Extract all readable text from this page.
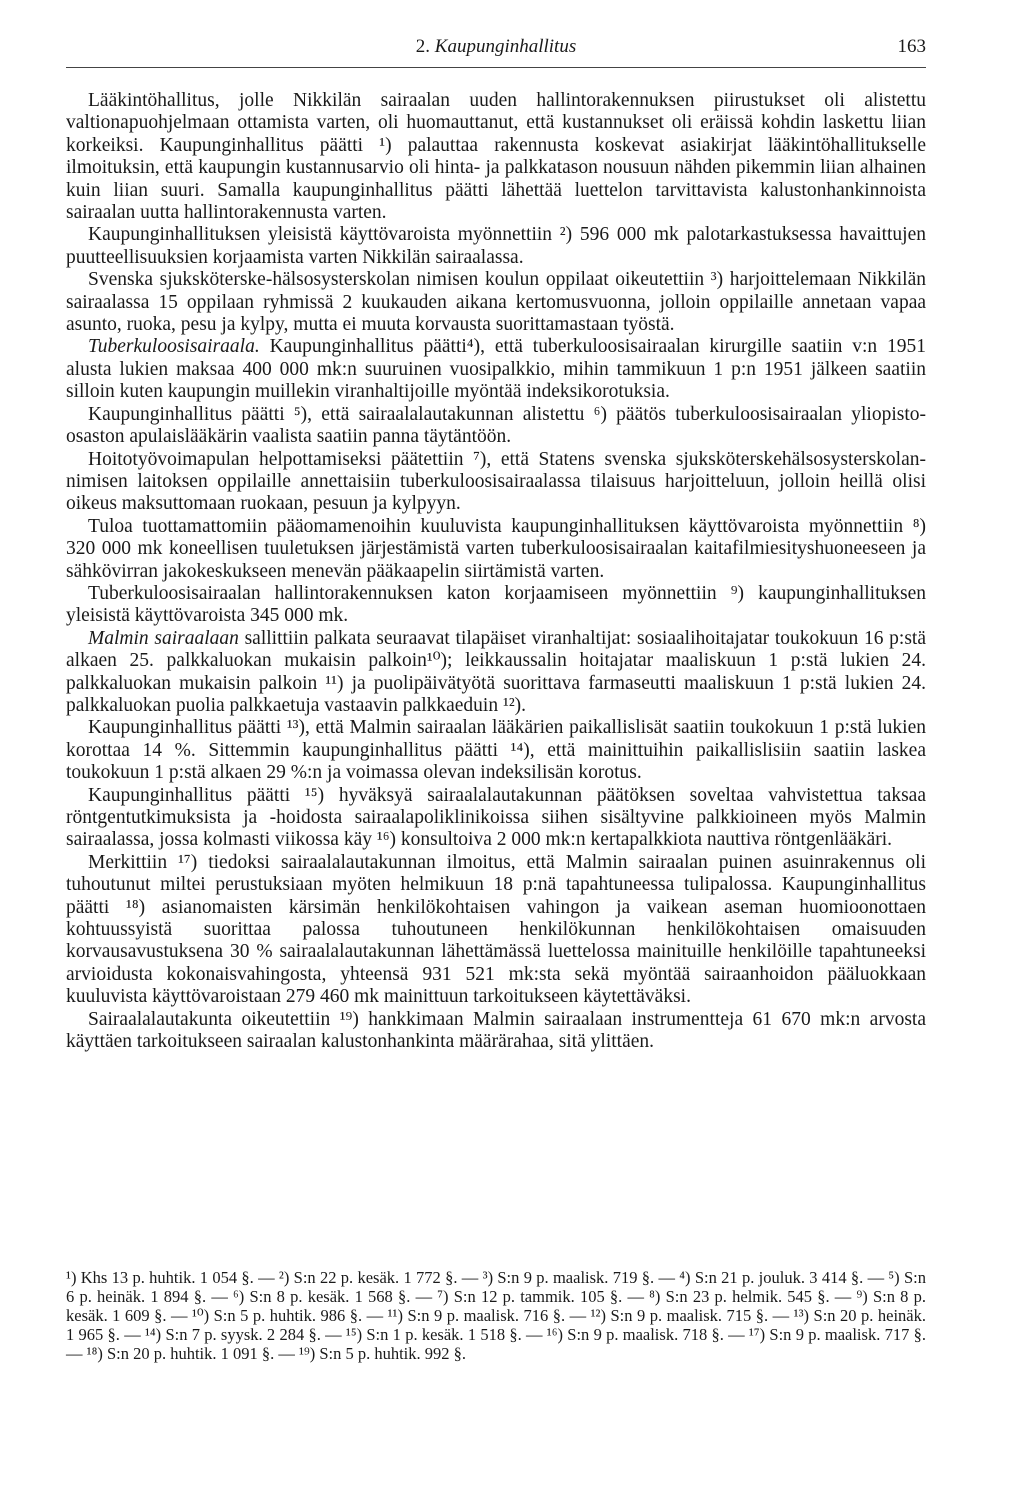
2. Kaupunginhallitus	163

Lääkintöhallitus, jolle Nikkilän sairaalan uuden hallintorakennuksen piirustukset oli alistettu valtionapuohjelmaan ottamista varten, oli huomauttanut, että kustannukset oli eräissä kohdin laskettu liian korkeiksi. Kaupunginhallitus päätti ¹) palauttaa rakennusta koskevat asiakirjat lääkintöhallitukselle ilmoituksin, että kaupungin kustannusarvio oli hinta- ja palkkatason nousuun nähden pikemmin liian alhainen kuin liian suuri. Samalla kaupunginhallitus päätti lähettää luettelon tarvittavista kalustonhankinnoista sairaalan uutta hallintorakennusta varten.

Kaupunginhallituksen yleisistä käyttövaroista myönnettiin ²) 596 000 mk palotarkastuksessa havaittujen puutteellisuuksien korjaamista varten Nikkilän sairaalassa.

Svenska sjuksköterske-hälsosysterskolan nimisen koulun oppilaat oikeutettiin ³) harjoittelemaan Nikkilän sairaalassa 15 oppilaan ryhmissä 2 kuukauden aikana kertomusvuonna, jolloin oppilaille annetaan vapaa asunto, ruoka, pesu ja kylpy, mutta ei muuta korvausta suorittamastaan työstä.

Tuberkuloosisairaala. Kaupunginhallitus päätti⁴), että tuberkuloosisairaalan kirurgille saatiin v:n 1951 alusta lukien maksaa 400 000 mk:n suuruinen vuosipalkkio, mihin tammikuun 1 p:n 1951 jälkeen saatiin silloin kuten kaupungin muillekin viranhaltijoille myöntää indeksikorotuksia.

Kaupunginhallitus päätti ⁵), että sairaalalautakunnan alistettu ⁶) päätös tuberkuloosisairaalan yliopisto-osaston apulaislääkärin vaalista saatiin panna täytäntöön.

Hoitotyövoimapulan helpottamiseksi päätettiin ⁷), että Statens svenska sjuksköterskehälsosysterskolan-nimisen laitoksen oppilaille annettaisiin tuberkuloosisairaalassa tilaisuus harjoitteluun, jolloin heillä olisi oikeus maksuttomaan ruokaan, pesuun ja kylpyyn.

Tuloa tuottamattomiin pääomamenoihin kuuluvista kaupunginhallituksen käyttövaroista myönnettiin ⁸) 320 000 mk koneellisen tuuletuksen järjestämistä varten tuberkuloosisairaalan kaitafilmiesityshuoneeseen ja sähkövirran jakokeskukseen menevän pääkaapelin siirtämistä varten.

Tuberkuloosisairaalan hallintorakennuksen katon korjaamiseen myönnettiin ⁹) kaupunginhallituksen yleisistä käyttövaroista 345 000 mk.

Malmin sairaalaan sallittiin palkata seuraavat tilapäiset viranhaltijat: sosiaalihoitajatar toukokuun 16 p:stä alkaen 25. palkkaluokan mukaisin palkoin¹⁰); leikkaussalin hoitajatar maaliskuun 1 p:stä lukien 24. palkkaluokan mukaisin palkoin ¹¹) ja puolipäivätyötä suorittava farmaseutti maaliskuun 1 p:stä lukien 24. palkkaluokan puolia palkkaetuja vastaavin palkkaeduin ¹²).

Kaupunginhallitus päätti ¹³), että Malmin sairaalan lääkärien paikallislisät saatiin toukokuun 1 p:stä lukien korottaa 14 %. Sittemmin kaupunginhallitus päätti ¹⁴), että mainittuihin paikallislisiin saatiin laskea toukokuun 1 p:stä alkaen 29 %:n ja voimassa olevan indeksilisän korotus.

Kaupunginhallitus päätti ¹⁵) hyväksyä sairaalalautakunnan päätöksen soveltaa vahvistettua taksaa röntgentutkimuksista ja -hoidosta sairaalapoliklinikoissa siihen sisältyvine palkkioineen myös Malmin sairaalassa, jossa kolmasti viikossa käy ¹⁶) konsultoiva 2 000 mk:n kertapalkkiota nauttiva röntgenlääkäri.

Merkittiin ¹⁷) tiedoksi sairaalalautakunnan ilmoitus, että Malmin sairaalan puinen asuinrakennus oli tuhoutunut miltei perustuksiaan myöten helmikuun 18 p:nä tapahtuneessa tulipalossa. Kaupunginhallitus päätti ¹⁸) asianomaisten kärsimän henkilökohtaisen vahingon ja vaikean aseman huomioonottaen kohtuussyistä suorittaa palossa tuhoutuneen henkilökunnan henkilökohtaisen omaisuuden korvausavustuksena 30 % sairaalalautakunnan lähettämässä luettelossa mainituille henkilöille tapahtuneeksi arvioidusta kokonaisvahingosta, yhteensä 931 521 mk:sta sekä myöntää sairaanhoidon pääluokkaan kuuluvista käyttövaroistaan 279 460 mk mainittuun tarkoitukseen käytettäväksi.

Sairaalalautakunta oikeutettiin ¹⁹) hankkimaan Malmin sairaalaan instrumentteja 61 670 mk:n arvosta käyttäen tarkoitukseen sairaalan kalustonhankinta määrärahaa, sitä ylittäen.

¹) Khs 13 p. huhtik. 1 054 §. — ²) S:n 22 p. kesäk. 1 772 §. — ³) S:n 9 p. maalisk. 719 §. — ⁴) S:n 21 p. jouluk. 3 414 §. — ⁵) S:n 6 p. heinäk. 1 894 §. — ⁶) S:n 8 p. kesäk. 1 568 §. — ⁷) S:n 12 p. tammik. 105 §. — ⁸) S:n 23 p. helmik. 545 §. — ⁹) S:n 8 p. kesäk. 1 609 §. — ¹⁰) S:n 5 p. huhtik. 986 §. — ¹¹) S:n 9 p. maalisk. 716 §. — ¹²) S:n 9 p. maalisk. 715 §. — ¹³) S:n 20 p. heinäk. 1 965 §. — ¹⁴) S:n 7 p. syysk. 2 284 §. — ¹⁵) S:n 1 p. kesäk. 1 518 §. — ¹⁶) S:n 9 p. maalisk. 718 §. — ¹⁷) S:n 9 p. maalisk. 717 §. — ¹⁸) S:n 20 p. huhtik. 1 091 §. — ¹⁹) S:n 5 p. huhtik. 992 §.
